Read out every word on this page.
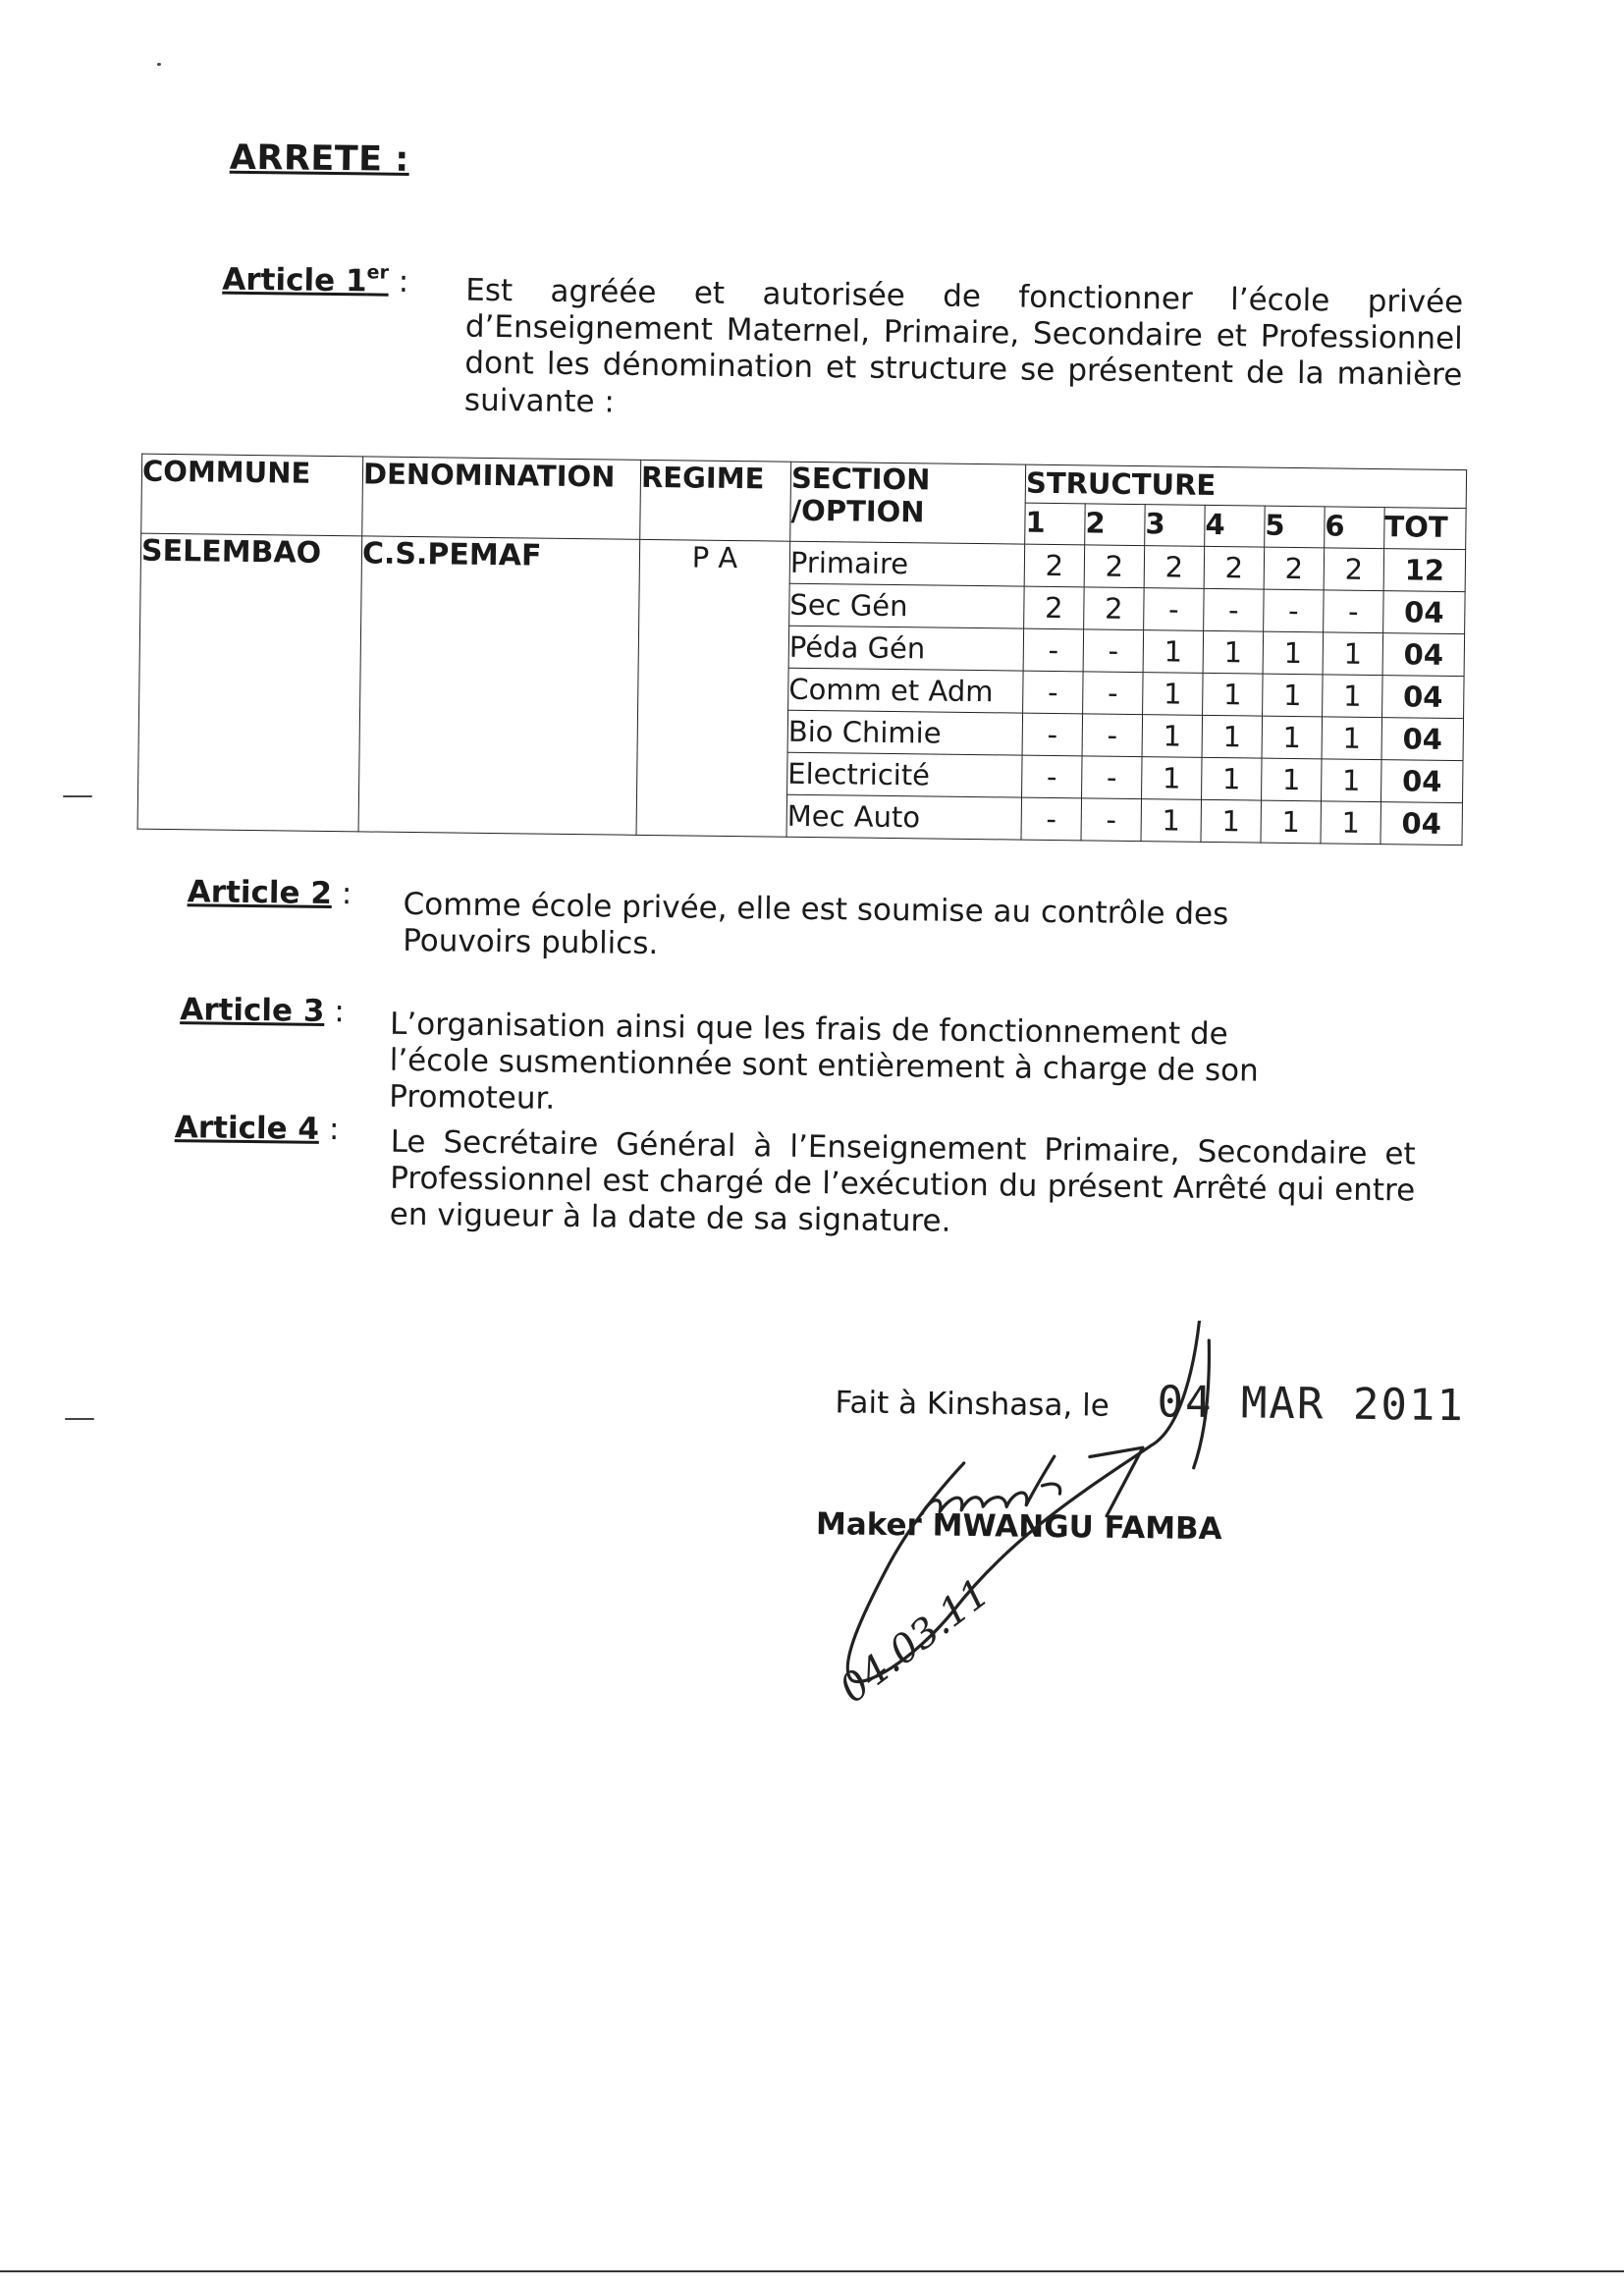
ARRETE :
Article 1er : Est agréée et autorisée de fonctionner l’école privée d’Enseignement Maternel, Primaire, Secondaire et Professionnel dont les dénomination et structure se présentent de la manière suivante :
COMMUNE	DENOMINATION	REGIME	SECTION /OPTION	STRUCTURE						
				1	2	3	4	5	6	TOT
SELEMBAO	C.S.PEMAF	P A	Primaire	2	2	2	2	2	2	12
			Sec Gén	2	2	-	-	-	-	04
			Péda Gén	-	-	1	1	1	1	04
			Comm et Adm	-	-	1	1	1	1	04
			Bio Chimie	-	-	1	1	1	1	04
			Electricité	-	-	1	1	1	1	04
			Mec Auto	-	-	1	1	1	1	04
Article 2 : Comme école privée, elle est soumise au contrôle des Pouvoirs publics.
Article 3 : L’organisation ainsi que les frais de fonctionnement de l’école susmentionnée sont entièrement à charge de son Promoteur.
Article 4 : Le Secrétaire Général à l’Enseignement Primaire, Secondaire et Professionnel est chargé de l’exécution du présent Arrêté qui entre en vigueur à la date de sa signature.
Fait à Kinshasa, le 04 MAR 2011
Maker MWANGU FAMBA
04.03.11
